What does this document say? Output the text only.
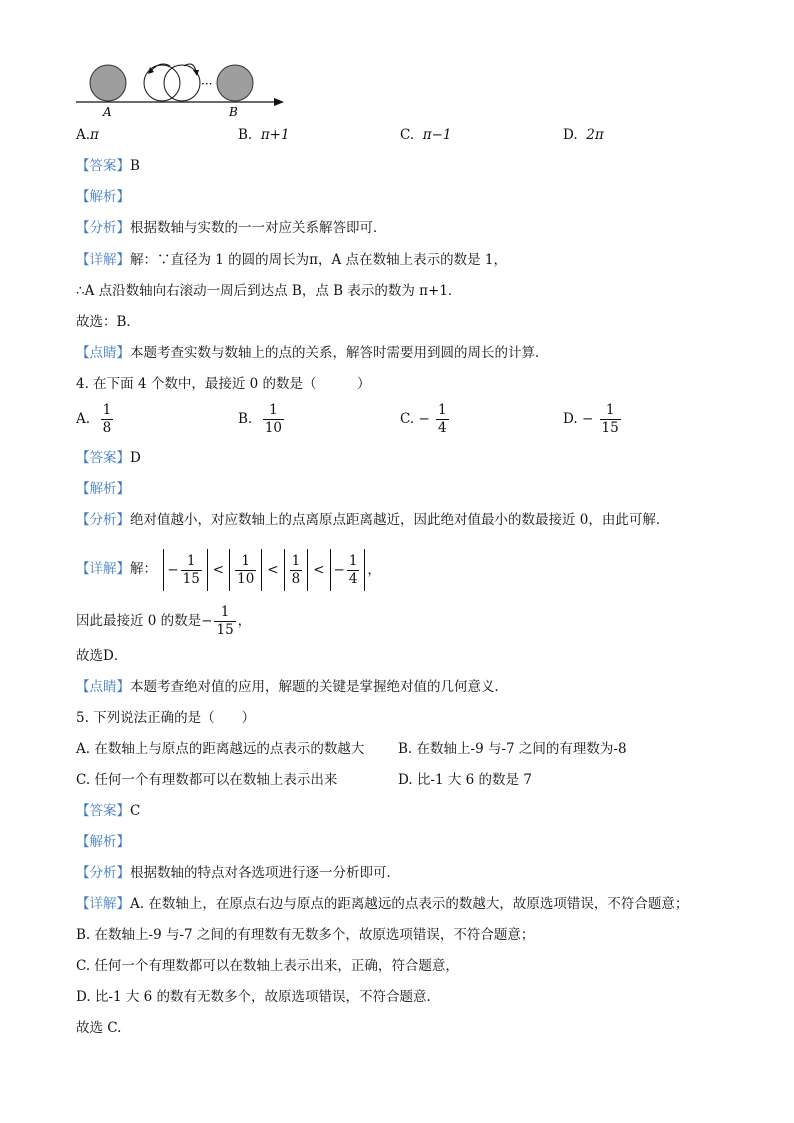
···
A	B
A.π	B. π+1	C. π−1	D. 2π
【答案】B
【解析】
【分析】根据数轴与实数的一一对应关系解答即可．
【详解】解：∵直径为 1 的圆的周长为π，A 点在数轴上表示的数是 1，
∴A 点沿数轴向右滚动一周后到达点 B，点 B 表示的数为 π+1．
故选：B．
【点睛】本题考查实数与数轴上的点的关系，解答时需要用到圆的周长的计算．
4. 在下面 4 个数中，最接近 0 的数是（　　　）
A. $\frac{1}{8}$	B. $\frac{1}{10}$	C. − $\frac{1}{4}$	D. − $\frac{1}{15}$
【答案】D
【解析】
【分析】绝对值越小，对应数轴上的点离原点距离越近，因此绝对值最小的数最接近 0，由此可解．
【详解】解： − $\frac{1}{15} < \frac{1}{10} < \frac{1}{8}$ < − $\frac{1}{4}$ ，
因此最接近 0 的数是− $\frac{1}{15}$ ，
故选D．
【点睛】本题考查绝对值的应用，解题的关键是掌握绝对值的几何意义．
5. 下列说法正确的是（　　）
A. 在数轴上与原点的距离越远的点表示的数越大 B. 在数轴上-9 与-7 之间的有理数为-8
C. 任何一个有理数都可以在数轴上表示出来	D. 比-1 大 6 的数是 7
【答案】C
【解析】
【分析】根据数轴的特点对各选项进行逐一分析即可．
【详解】A. 在数轴上，在原点右边与原点的距离越远的点表示的数越大，故原选项错误，不符合题意；
B. 在数轴上-9 与-7 之间的有理数有无数多个，故原选项错误，不符合题意；
C. 任何一个有理数都可以在数轴上表示出来，正确，符合题意，
D. 比-1 大 6 的数有无数多个，故原选项错误，不符合题意.
故选 C.
